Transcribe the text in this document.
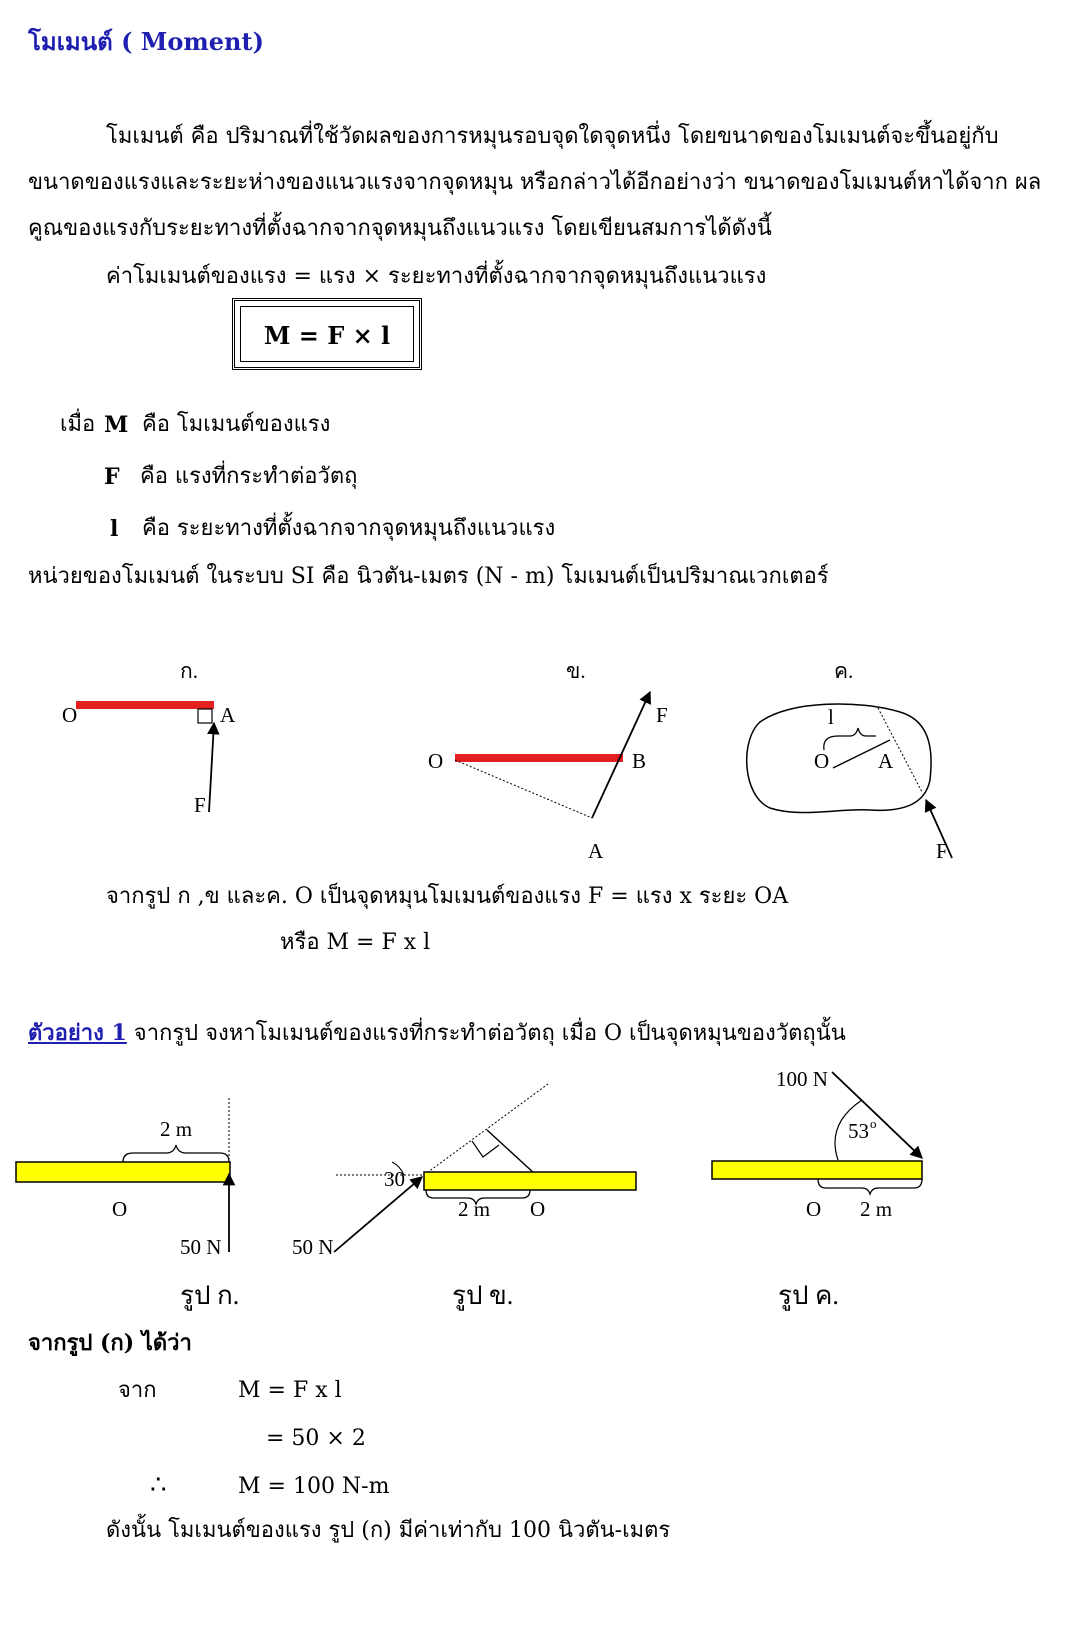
โมเมนต์ ( Moment)
โมเมนต์ คือ ปริมาณที่ใช้วัดผลของการหมุนรอบจุดใดจุดหนึ่ง โดยขนาดของโมเมนต์จะขึ้นอยู่กับ
ขนาดของแรงและระยะห่างของแนวแรงจากจุดหมุน หรือกล่าวได้อีกอย่างว่า ขนาดของโมเมนต์หาได้จาก ผล
คูณของแรงกับระยะทางที่ตั้งฉากจากจุดหมุนถึงแนวแรง โดยเขียนสมการได้ดังนี้
ค่าโมเมนต์ของแรง = แรง × ระยะทางที่ตั้งฉากจากจุดหมุนถึงแนวแรง
M = F × l
เมื่อ M คือ โมเมนต์ของแรง
F คือ แรงที่กระทำต่อวัตถุ
l คือ ระยะทางที่ตั้งฉากจากจุดหมุนถึงแนวแรง
หน่วยของโมเมนต์ ในระบบ SI คือ นิวตัน-เมตร (N - m) โมเมนต์เป็นปริมาณเวกเตอร์
จากรูป ก ,ข และค. O เป็นจุดหมุนโมเมนต์ของแรง F = แรง x ระยะ OA
หรือ M = F x l
ตัวอย่าง 1 จากรูป จงหาโมเมนต์ของแรงที่กระทำต่อวัตถุ เมื่อ O เป็นจุดหมุนของวัตถุนั้น
จากรูป (ก) ได้ว่า
จาก	M = F x l
= 50 × 2
∴	M = 100 N-m
ดังนั้น โมเมนต์ของแรง รูป (ก) มีค่าเท่ากับ 100 นิวตัน-เมตร
ก.
O	A
F
ข.
O	B
F
A
ค.
l
O A
F
2 m
O
50 N
รูป ก.
30
2 m O
50 N
รูป ข.
100 N
53 o
O 2 m
รูป ค.
